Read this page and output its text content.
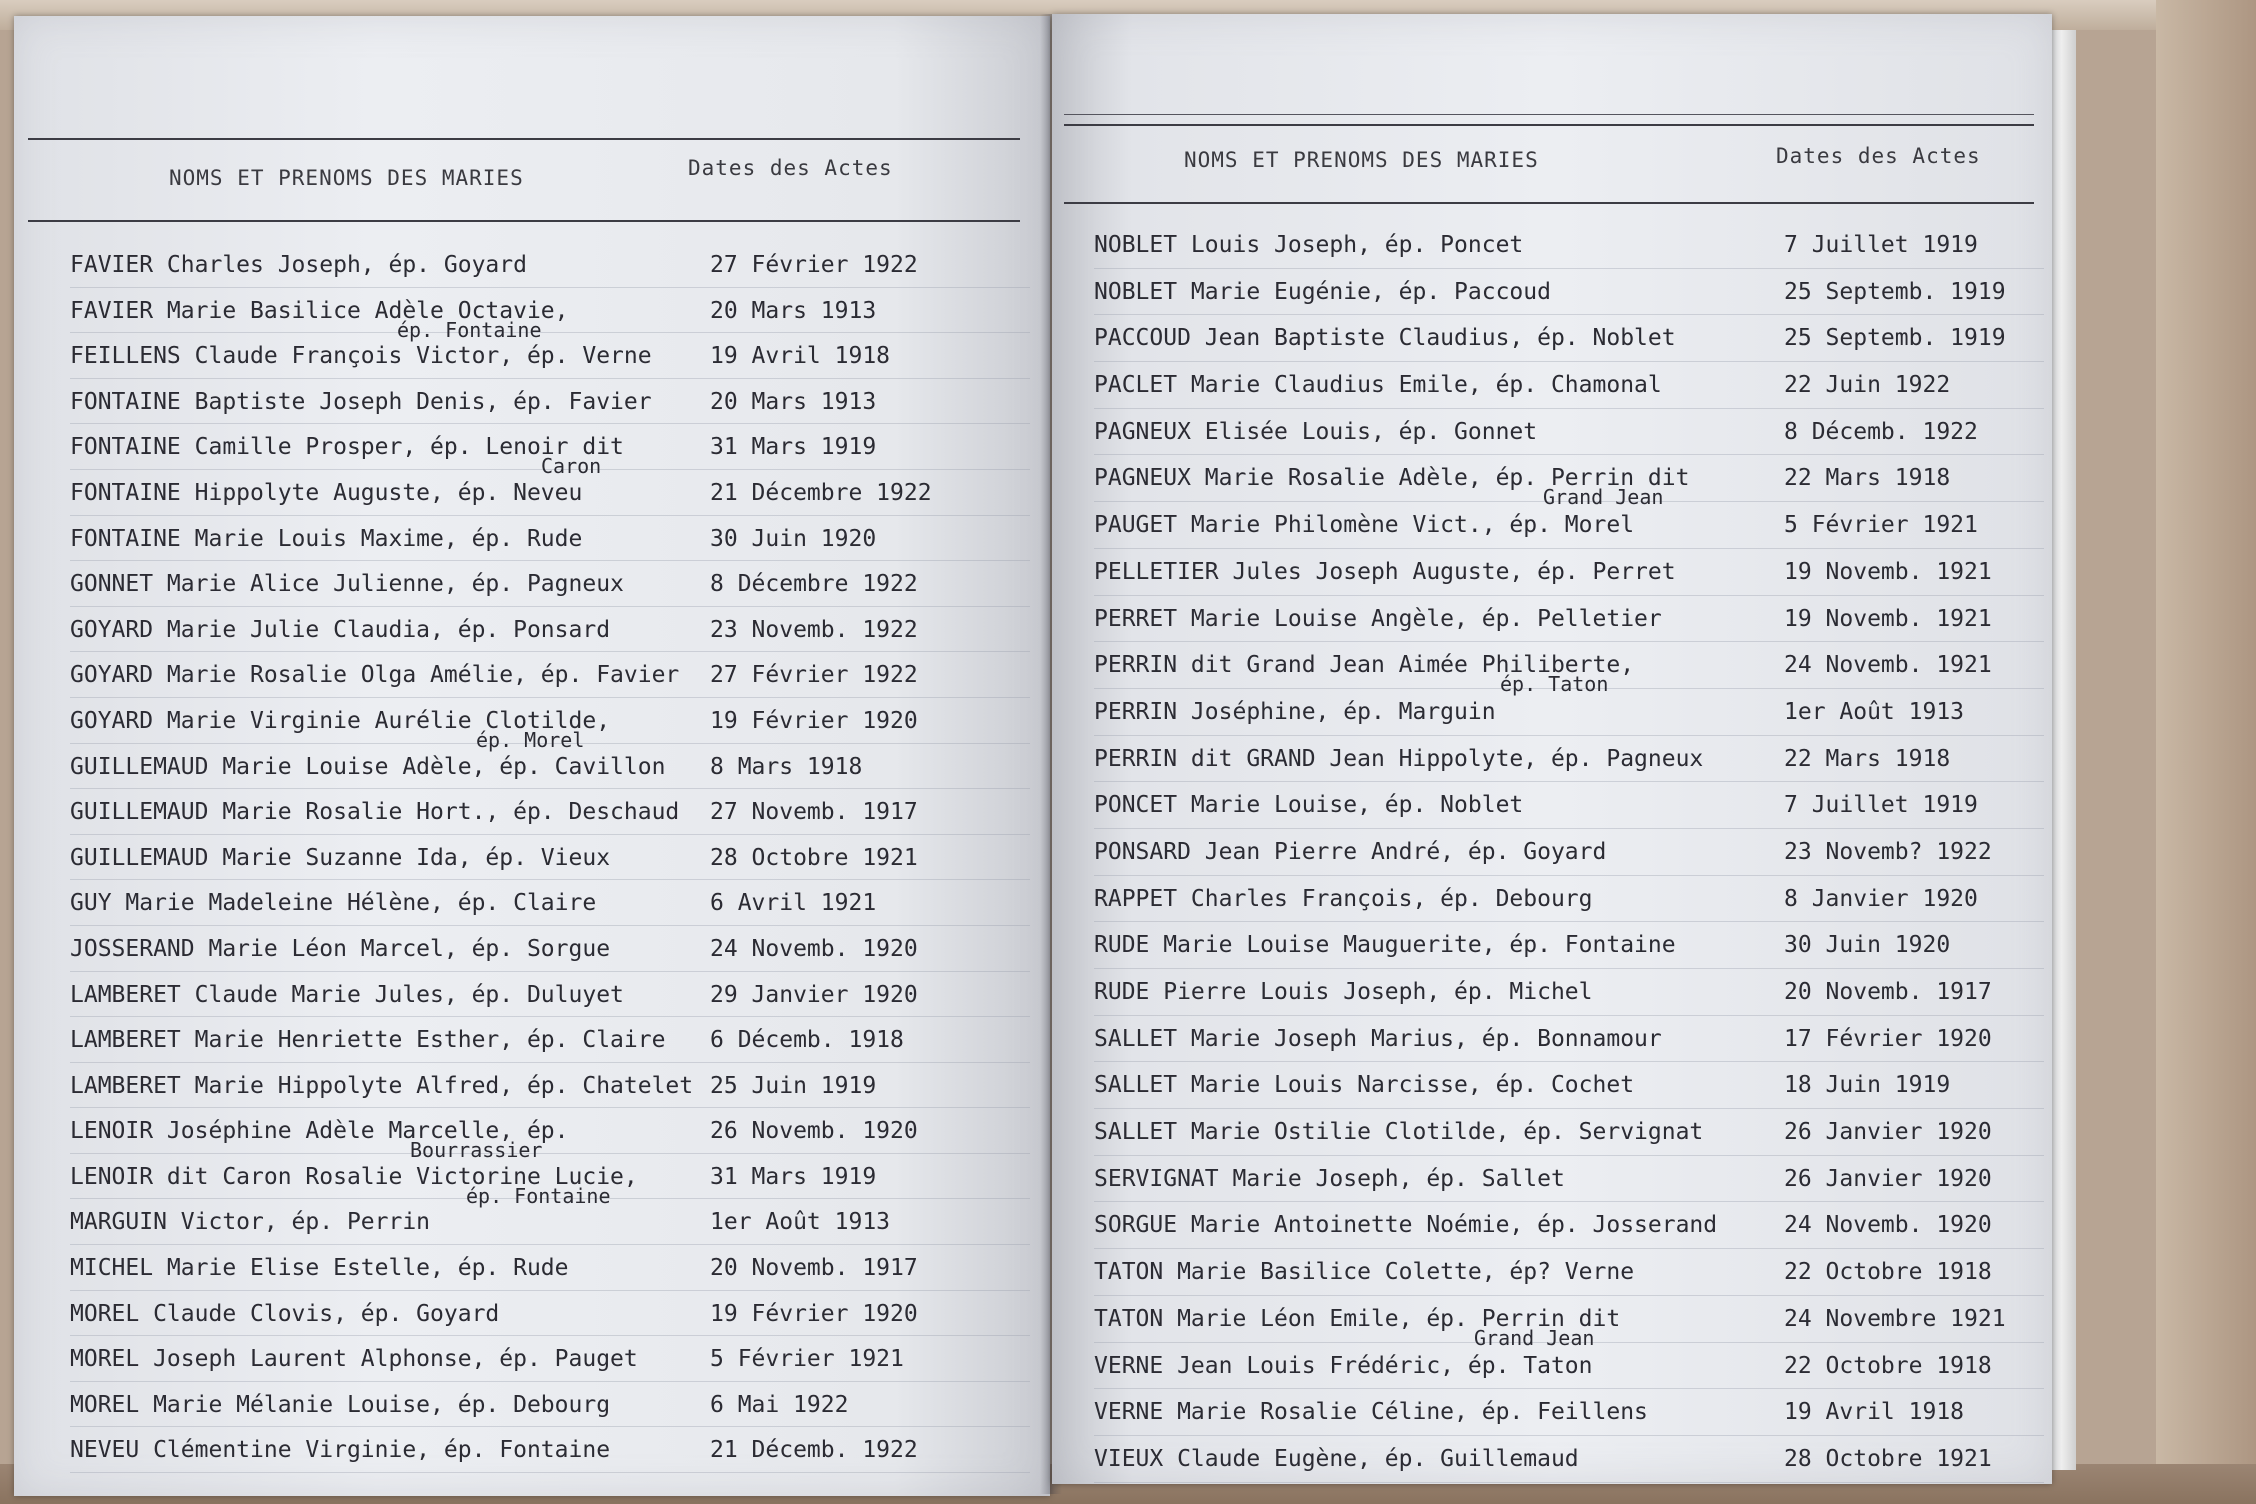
NOMS ET PRENOMS DES MARIES	Dates des Actes
FAVIER Charles Joseph, ép. Goyard	27 Février 1922
FAVIER Marie Basilice Adèle Octavie,	20 Mars 1913
ép. Fontaine
FEILLENS Claude François Victor, ép. Verne	19 Avril 1918
FONTAINE Baptiste Joseph Denis, ép. Favier	20 Mars 1913
FONTAINE Camille Prosper, ép. Lenoir dit	31 Mars 1919
Caron
FONTAINE Hippolyte Auguste, ép. Neveu	21 Décembre 1922
FONTAINE Marie Louis Maxime, ép. Rude	30 Juin 1920
GONNET Marie Alice Julienne, ép. Pagneux	8 Décembre 1922
GOYARD Marie Julie Claudia, ép. Ponsard	23 Novemb. 1922
GOYARD Marie Rosalie Olga Amélie, ép. Favier 27 Février 1922
GOYARD Marie Virginie Aurélie Clotilde,	19 Février 1920
ép. Morel
GUILLEMAUD Marie Louise Adèle, ép. Cavillon 8 Mars 1918
GUILLEMAUD Marie Rosalie Hort., ép. Deschaud 27 Novemb. 1917
GUILLEMAUD Marie Suzanne Ida, ép. Vieux	28 Octobre 1921
GUY Marie Madeleine Hélène, ép. Claire	6 Avril 1921
JOSSERAND Marie Léon Marcel, ép. Sorgue	24 Novemb. 1920
LAMBERET Claude Marie Jules, ép. Duluyet	29 Janvier 1920
LAMBERET Marie Henriette Esther, ép. Claire 6 Décemb. 1918
LAMBERET Marie Hippolyte Alfred, ép. Chatelet 25 Juin 1919
LENOIR Joséphine Adèle Marcelle, ép.	26 Novemb. 1920
Bourrassier
LENOIR dit Caron Rosalie Victorine Lucie,	31 Mars 1919
ép. Fontaine
MARGUIN Victor, ép. Perrin	1er Août 1913
MICHEL Marie Elise Estelle, ép. Rude	20 Novemb. 1917
MOREL Claude Clovis, ép. Goyard	19 Février 1920
MOREL Joseph Laurent Alphonse, ép. Pauget	5 Février 1921
MOREL Marie Mélanie Louise, ép. Debourg	6 Mai 1922
NEVEU Clémentine Virginie, ép. Fontaine	21 Décemb. 1922
NOMS ET PRENOMS DES MARIES	Dates des Actes
NOBLET Louis Joseph, ép. Poncet	7 Juillet 1919
NOBLET Marie Eugénie, ép. Paccoud	25 Septemb. 1919
PACCOUD Jean Baptiste Claudius, ép. Noblet	25 Septemb. 1919
PACLET Marie Claudius Emile, ép. Chamonal	22 Juin 1922
PAGNEUX Elisée Louis, ép. Gonnet	8 Décemb. 1922
PAGNEUX Marie Rosalie Adèle, ép. Perrin dit	22 Mars 1918
Grand Jean
PAUGET Marie Philomène Vict., ép. Morel	5 Février 1921
PELLETIER Jules Joseph Auguste, ép. Perret	19 Novemb. 1921
PERRET Marie Louise Angèle, ép. Pelletier	19 Novemb. 1921
PERRIN dit Grand Jean Aimée Philiberte,	24 Novemb. 1921
ép. Taton
PERRIN Joséphine, ép. Marguin	1er Août 1913
PERRIN dit GRAND Jean Hippolyte, ép. Pagneux	22 Mars 1918
PONCET Marie Louise, ép. Noblet	7 Juillet 1919
PONSARD Jean Pierre André, ép. Goyard	23 Novemb? 1922
RAPPET Charles François, ép. Debourg	8 Janvier 1920
RUDE Marie Louise Mauguerite, ép. Fontaine	30 Juin 1920
RUDE Pierre Louis Joseph, ép. Michel	20 Novemb. 1917
SALLET Marie Joseph Marius, ép. Bonnamour	17 Février 1920
SALLET Marie Louis Narcisse, ép. Cochet	18 Juin 1919
SALLET Marie Ostilie Clotilde, ép. Servignat	26 Janvier 1920
SERVIGNAT Marie Joseph, ép. Sallet	26 Janvier 1920
SORGUE Marie Antoinette Noémie, ép. Josserand	24 Novemb. 1920
TATON Marie Basilice Colette, ép? Verne	22 Octobre 1918
TATON Marie Léon Emile, ép. Perrin dit	24 Novembre 1921
Grand Jean
VERNE Jean Louis Frédéric, ép. Taton	22 Octobre 1918
VERNE Marie Rosalie Céline, ép. Feillens	19 Avril 1918
VIEUX Claude Eugène, ép. Guillemaud	28 Octobre 1921
